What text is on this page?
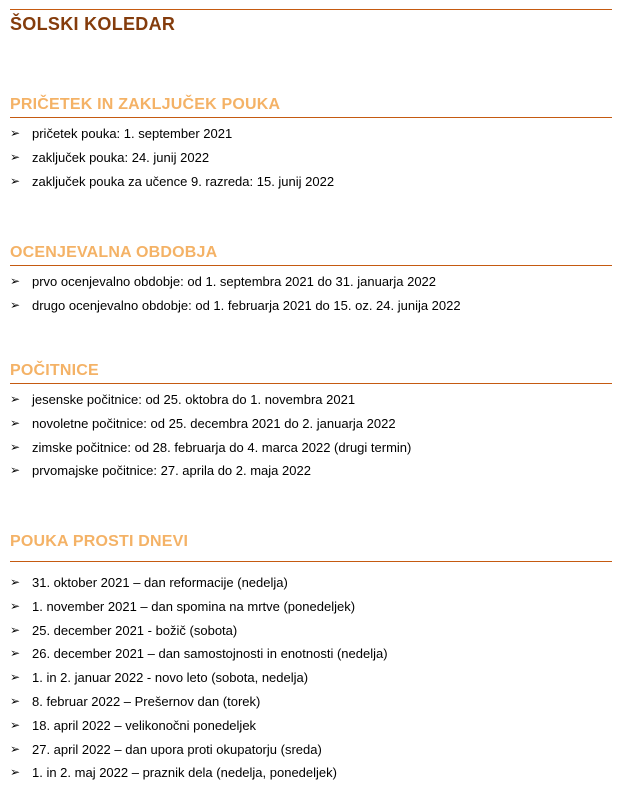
ŠOLSKI KOLEDAR
PRIČETEK IN ZAKLJUČEK POUKA
➢ pričetek pouka: 1. september 2021
➢ zaključek pouka: 24. junij 2022
➢ zaključek pouka za učence 9. razreda: 15. junij 2022
OCENJEVALNA OBDOBJA
➢ prvo ocenjevalno obdobje: od 1. septembra 2021 do 31. januarja 2022
➢ drugo ocenjevalno obdobje: od 1. februarja 2021 do 15. oz. 24. junija 2022
POČITNICE
➢ jesenske počitnice: od 25. oktobra do 1. novembra 2021
➢ novoletne počitnice: od 25. decembra 2021 do 2. januarja 2022
➢ zimske počitnice: od 28. februarja do 4. marca 2022 (drugi termin)
➢ prvomajske počitnice: 27. aprila do 2. maja 2022
POUKA PROSTI DNEVI
➢ 31. oktober 2021 – dan reformacije (nedelja)
➢ 1. november 2021 – dan spomina na mrtve (ponedeljek)
➢ 25. december 2021 - božič (sobota)
➢ 26. december 2021 – dan samostojnosti in enotnosti (nedelja)
➢ 1. in 2. januar 2022 - novo leto (sobota, nedelja)
➢ 8. februar 2022 – Prešernov dan (torek)
➢ 18. april 2022 – velikonočni ponedeljek
➢ 27. april 2022 – dan upora proti okupatorju (sreda)
➢ 1. in 2. maj 2022 – praznik dela (nedelja, ponedeljek)
